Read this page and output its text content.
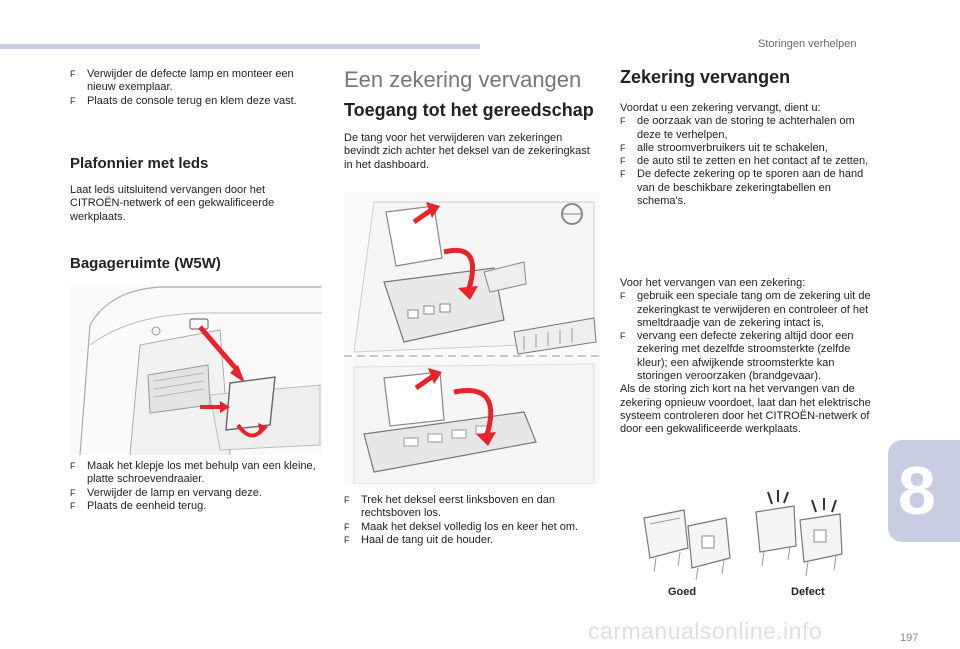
Storingen verhelpen
8
197
carmanualsonline.info

F Verwijder de defecte lamp en monteer een nieuw exemplaar.

F Plaats de console terug en klem deze vast.

Plafonnier met leds

Laat leds uitsluitend vervangen door het CITROËN-netwerk of een gekwalificeerde werkplaats.

Bagageruimte (W5W)

F Maak het klepje los met behulp van een kleine, platte schroevendraaier.

F Verwijder de lamp en vervang deze.

F Plaats de eenheid terug.

Een zekering vervangen
Toegang tot het gereedschap

De tang voor het verwijderen van zekeringen bevindt zich achter het deksel van de zekeringkast in het dashboard.

F Trek het deksel eerst linksboven en dan rechtsboven los.

F Maak het deksel volledig los en keer het om.

F Haal de tang uit de houder.

Zekering vervangen

Voordat u een zekering vervangt, dient u:

F de oorzaak van de storing te achterhalen om deze te verhelpen,

F alle stroomverbruikers uit te schakelen,

F de auto stil te zetten en het contact af te zetten,

F De defecte zekering op te sporen aan de hand van de beschikbare zekeringtabellen en schema's.

Voor het vervangen van een zekering:

F gebruik een speciale tang om de zekering uit de zekeringkast te verwijderen en controleer of het smeltdraadje van de zekering intact is,

F vervang een defecte zekering altijd door een zekering met dezelfde stroomsterkte (zelfde kleur); een afwijkende stroomsterkte kan storingen veroorzaken (brandgevaar).

Als de storing zich kort na het vervangen van de zekering opnieuw voordoet, laat dan het elektrische systeem controleren door het CITROËN-netwerk of door een gekwalificeerde werkplaats.

Goed	Defect
